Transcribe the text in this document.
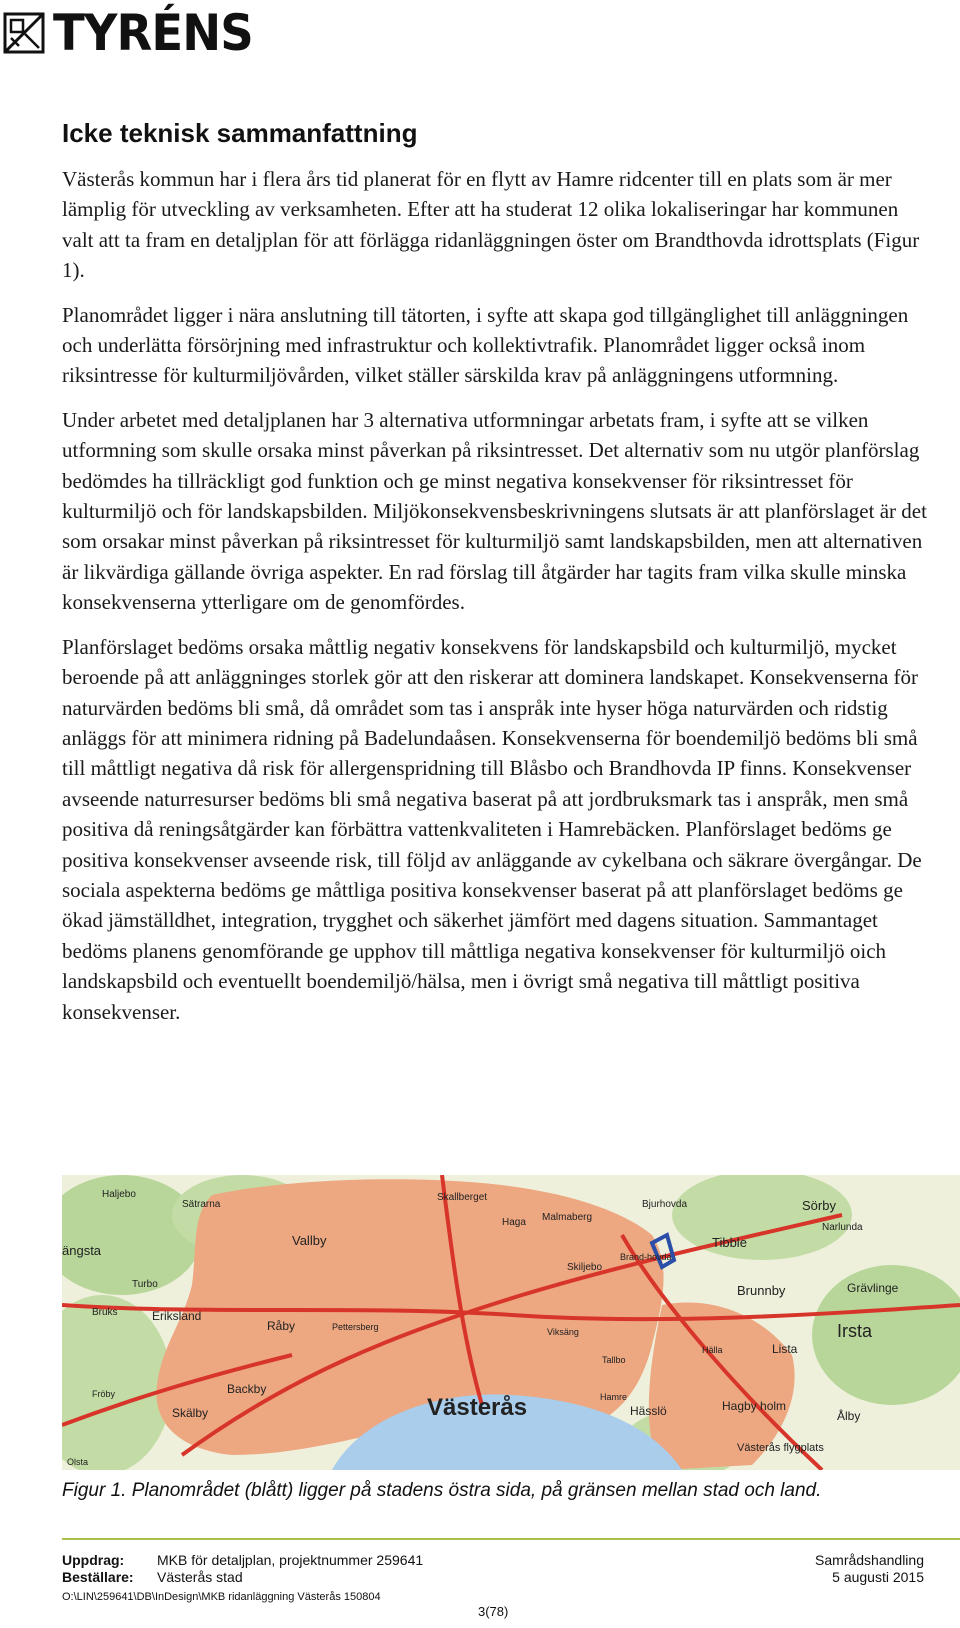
TYRÉNS
Icke teknisk sammanfattning

Västerås kommun har i flera års tid planerat för en flytt av Hamre ridcenter till en plats som är mer lämplig för utveckling av verksamheten. Efter att ha studerat 12 olika lokaliseringar har kommunen valt att ta fram en detaljplan för att förlägga ridanläggningen öster om Brandthovda idrottsplats (Figur 1).

Planområdet ligger i nära anslutning till tätorten, i syfte att skapa god tillgänglighet till anläggningen och underlätta försörjning med infrastruktur och kollektivtrafik. Planområdet ligger också inom riksintresse för kulturmiljövården, vilket ställer särskilda krav på anläggningens utformning.

Under arbetet med detaljplanen har 3 alternativa utformningar arbetats fram, i syfte att se vilken utformning som skulle orsaka minst påverkan på riksintresset. Det alternativ som nu utgör planförslag bedömdes ha tillräckligt god funktion och ge minst negativa konsekvenser för riksintresset för kulturmiljö och för landskapsbilden. Miljökonsekvensbeskrivningens slutsats är att planförslaget är det som orsakar minst påverkan på riksintresset för kulturmiljö samt landskapsbilden, men att alternativen är likvärdiga gällande övriga aspekter. En rad förslag till åtgärder har tagits fram vilka skulle minska konsekvenserna ytterligare om de genomfördes.

Planförslaget bedöms orsaka måttlig negativ konsekvens för landskapsbild och kulturmiljö, mycket beroende på att anläggninges storlek gör att den riskerar att dominera landskapet. Konsekvenserna för naturvärden bedöms bli små, då området som tas i anspråk inte hyser höga naturvärden och ridstig anläggs för att minimera ridning på Badelundaåsen. Konsekvenserna för boendemiljö bedöms bli små till måttligt negativa då risk för allergenspridning till Blåsbo och Brandhovda IP finns. Konsekvenser avseende naturresurser bedöms bli små negativa baserat på att jordbruksmark tas i anspråk, men små positiva då reningsåtgärder kan förbättra vattenkvaliteten i Hamrebäcken. Planförslaget bedöms ge positiva konsekvenser avseende risk, till följd av anläggande av cykelbana och säkrare övergångar. De sociala aspekterna bedöms ge måttliga positiva konsekvenser baserat på att planförslaget bedöms ge ökad jämställdhet, integration, trygghet och säkerhet jämfört med dagens situation. Sammantaget bedöms planens genomförande ge upphov till måttliga negativa konsekvenser för kulturmiljö oich landskapsbild och eventuellt boendemiljö/hälsa, men i övrigt små negativa till måttligt positiva konsekvenser.

Haljebo
Sätrarna
Skallberget
Haga Malmaberg
Bjurhovda	Sörby
Narlunda
Vallby
ängsta	Brand-hovda
Skiljebo
Tibble
Brunnby	Grävlinge
Turbo
Bruks	Eriksland
Råby	Pettersberg	Viksäng	Irsta
Tallbo
Hälla	Lista
Backby
Skälby
Fröby	Hamre
Hässlö	Hagby holm
Ålby
Västerås flygplats
Olsta
Västerås
Figur 1. Planområdet (blått) ligger på stadens östra sida, på gränsen mellan stad och land.
Uppdrag: MKB för detaljplan, projektnummer 259641
Beställare: Västerås stad
Samrådshandling
5 augusti 2015
O:\LIN\259641\DB\InDesign\MKB ridanläggning Västerås 150804
3(78)
